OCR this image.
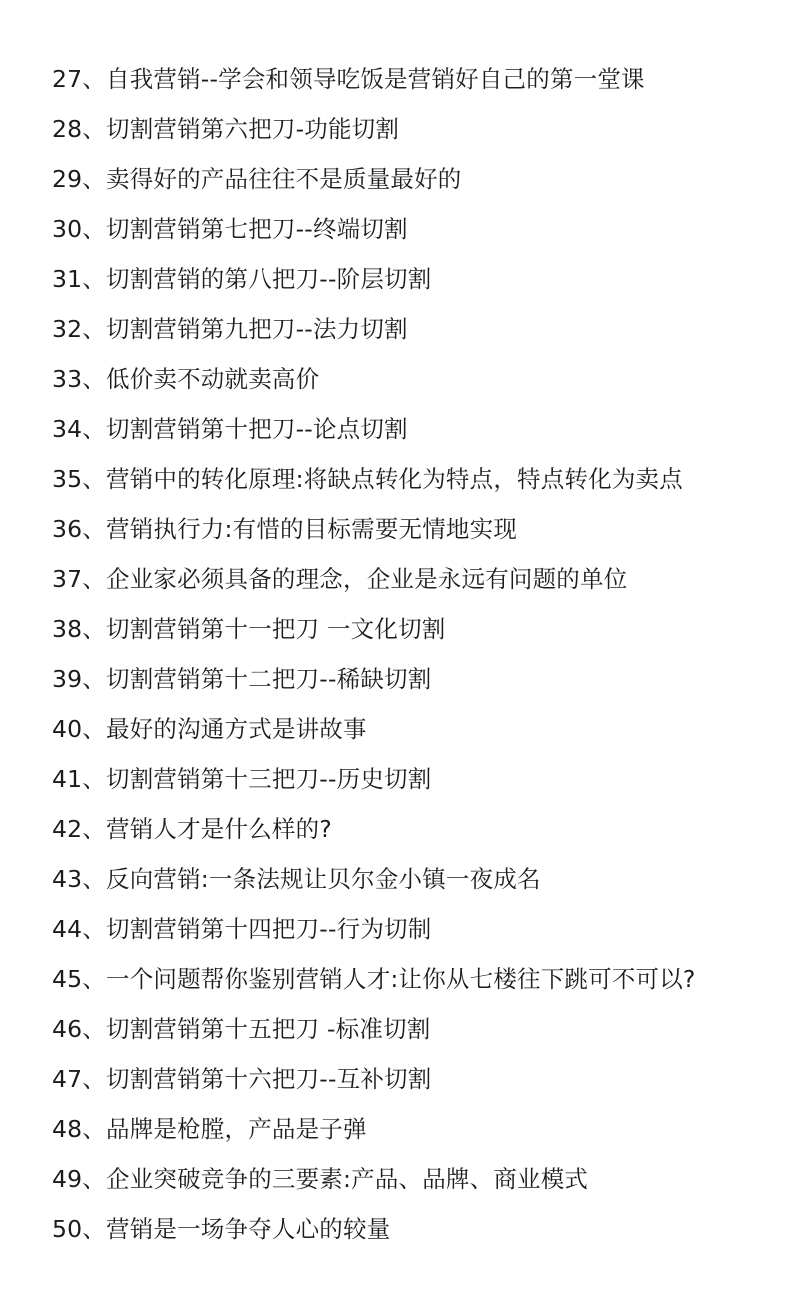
27、自我营销--学会和领导吃饭是营销好自己的第一堂课
28、切割营销第六把刀-功能切割
29、卖得好的产品往往不是质量最好的
30、切割营销第七把刀--终端切割
31、切割营销的第八把刀--阶层切割
32、切割营销第九把刀--法力切割
33、低价卖不动就卖高价
34、切割营销第十把刀--论点切割
35、营销中的转化原理:将缺点转化为特点，特点转化为卖点
36、营销执行力:有惜的目标需要无情地实现
37、企业家必须具备的理念，企业是永远有问题的单位
38、切割营销第十一把刀 一文化切割
39、切割营销第十二把刀--稀缺切割
40、最好的沟通方式是讲故事
41、切割营销第十三把刀--历史切割
42、营销人才是什么样的?
43、反向营销:一条法规让贝尔金小镇一夜成名
44、切割营销第十四把刀--行为切制
45、一个问题帮你鉴别营销人才:让你从七楼往下跳可不可以?
46、切割营销第十五把刀 -标准切割
47、切割营销第十六把刀--互补切割
48、品牌是枪膛，产品是子弹
49、企业突破竞争的三要素:产品、品牌、商业模式
50、营销是一场争夺人心的较量
